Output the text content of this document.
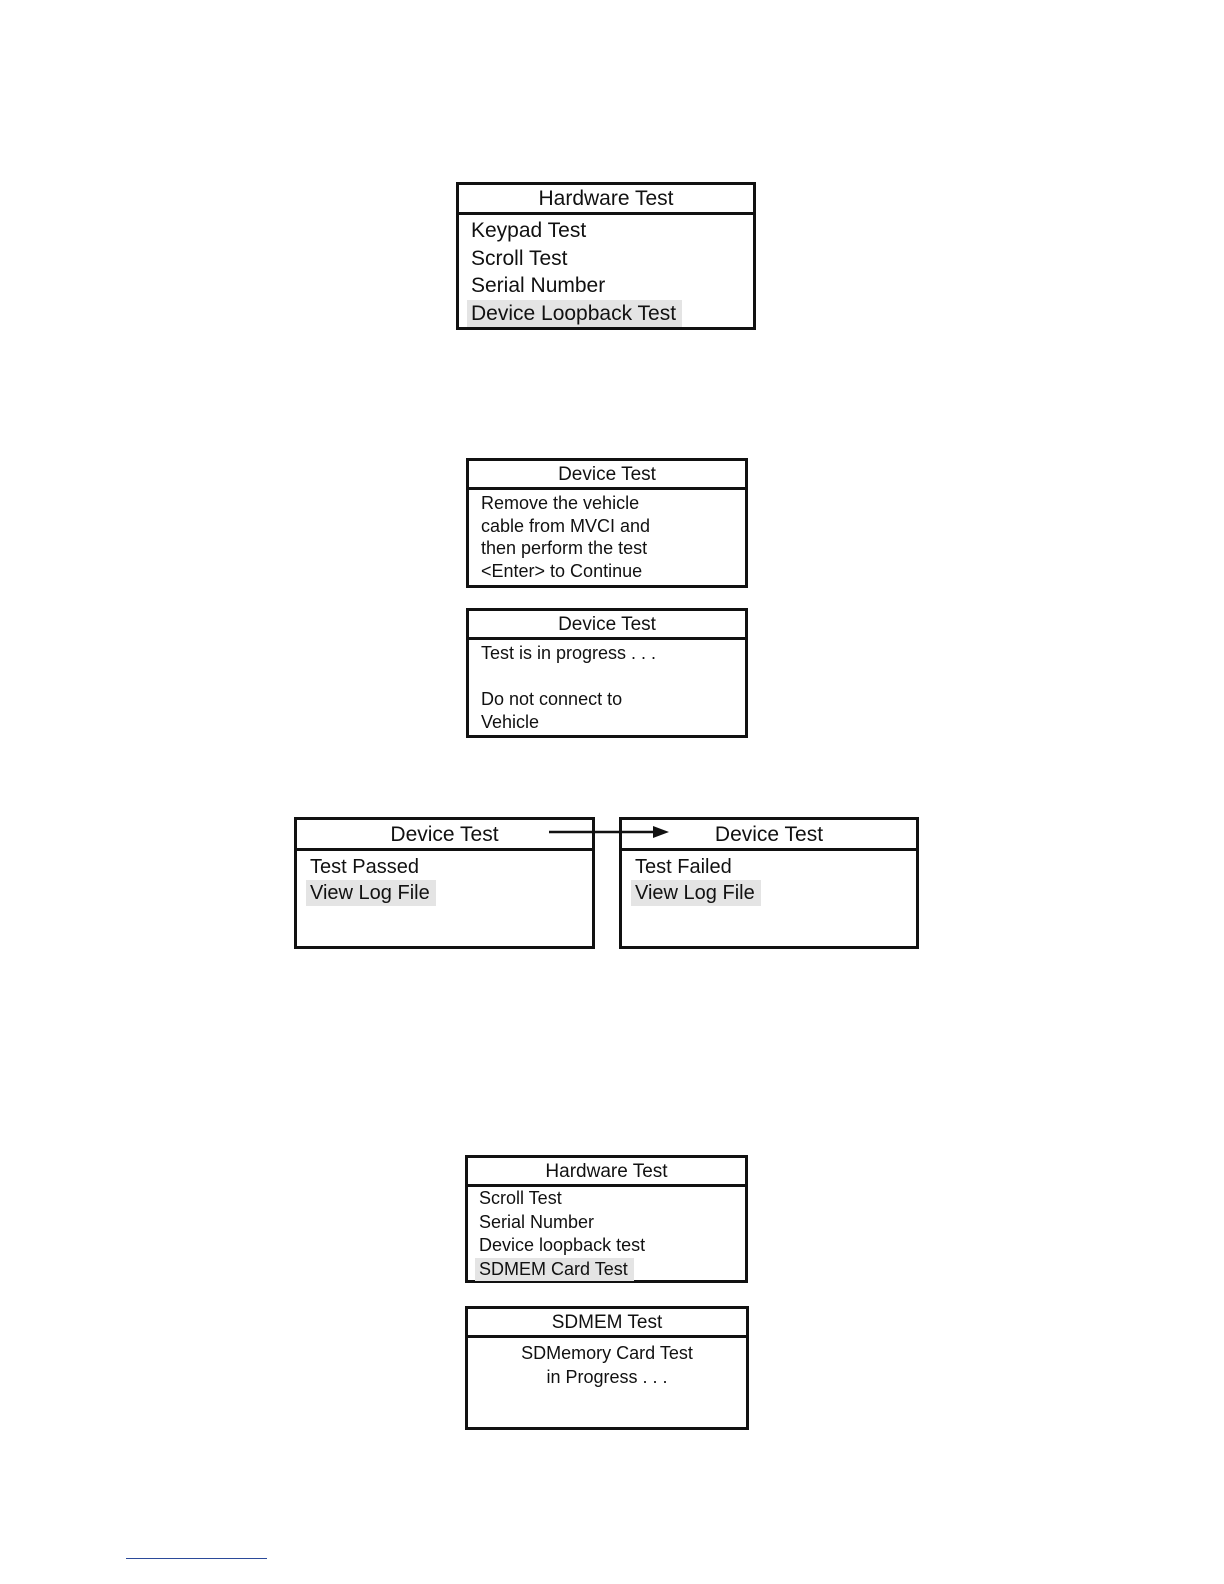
Hardware Test
Keypad Test
Scroll Test
Serial Number
Device Loopback Test
Device Test
Remove the vehicle
cable from MVCI and
then perform the test
<Enter> to Continue
Device Test
Test is in progress . . .
Do not connect to
Vehicle
Device Test
Test Passed
View Log File
Device Test
Test Failed
View Log File
Hardware Test
Scroll Test
Serial Number
Device loopback test
SDMEM Card Test
SDMEM Test
SDMemory Card Test
in Progress . . .
